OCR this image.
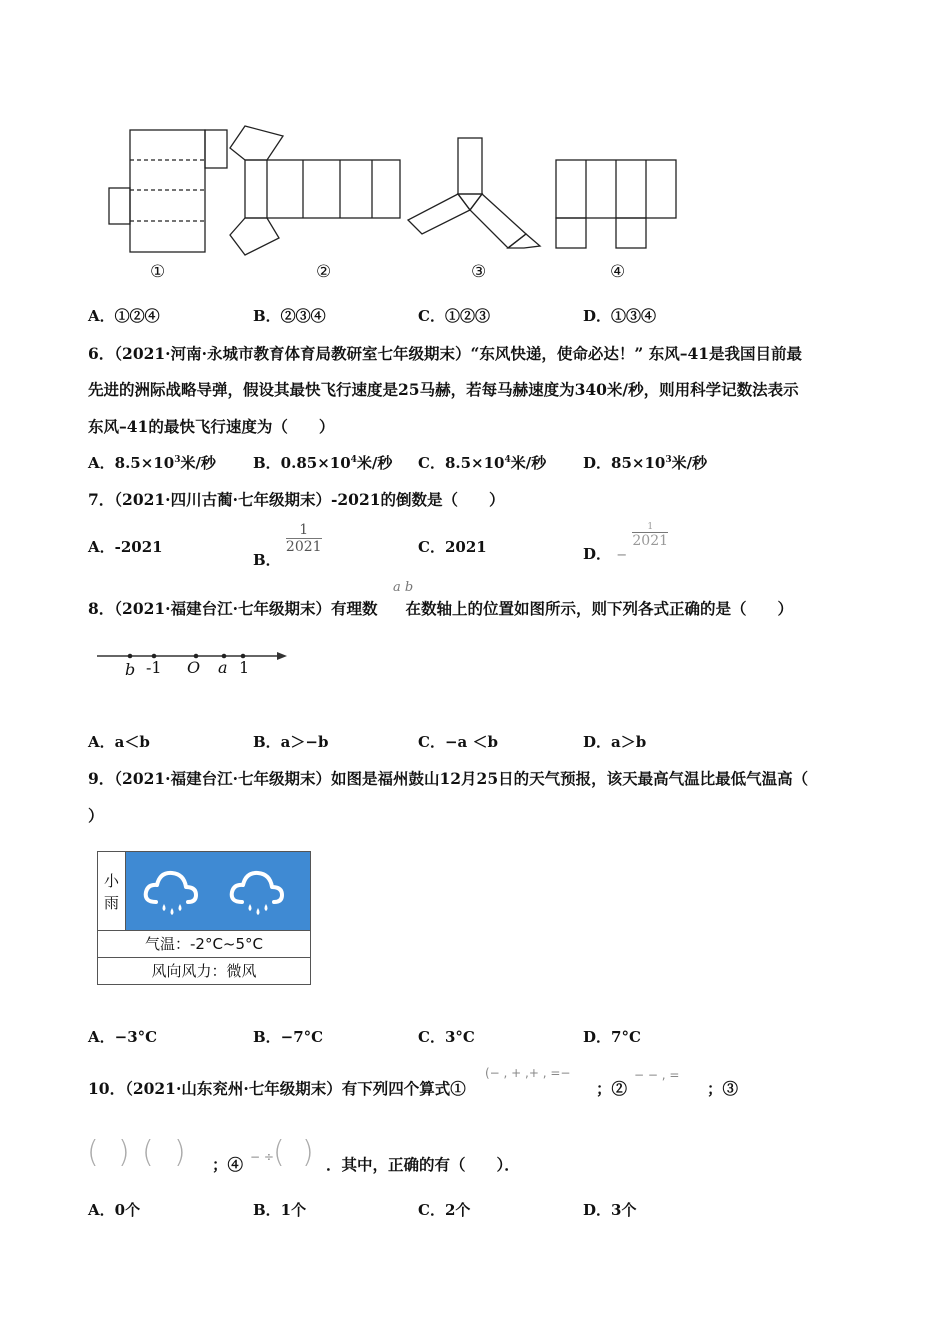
①	②	③	④
A．①②④	B．②③④	C．①②③	D．①③④
6．（2021·河南·永城市教育体育局教研室七年级期末）“东风快递，使命必达！” 东风–41是我国目前最
先进的洲际战略导弹，假设其最快飞行速度是25马赫，若每马赫速度为340米/秒，则用科学记数法表示
东风–41的最快飞行速度为（　　）
A．$8.5\times 10^3$米/秒 B．$0.85\times 10^4$米/秒 C．$8.5\times 10^4$米/秒 D．$85\times 10^3$米/秒
7．（2021·四川古蔺·七年级期末）-2021的倒数是（　　）
A．-2021
B．
$\frac{1}{2021}$	C．2021	D． −
$\frac{1}{2021}$
a b
8．（2021·福建台江·七年级期末）有理数 在数轴上的位置如图所示，则下列各式正确的是（　　）
b -1 O a 1
A．a＜b	B．a＞−b	C．−a ＜b	D．a＞b
9．（2021·福建台江·七年级期末）如图是福州鼓山12月25日的天气预报，该天最高气温比最低气温高（
）
小
雨
气温：-2°C~5°C
风向风力：微风
A．−3°C	B．−7°C	C．3°C	D．7°C
10．（2021·山东兖州·七年级期末）有下列四个算式①
(− , + ,+ , =−
；②
− − , =
；③
( ) ( ) ；④ − ÷ ( ) ．其中，正确的有（　　）．
A．0个	B．1个	C．2个	D．3个
